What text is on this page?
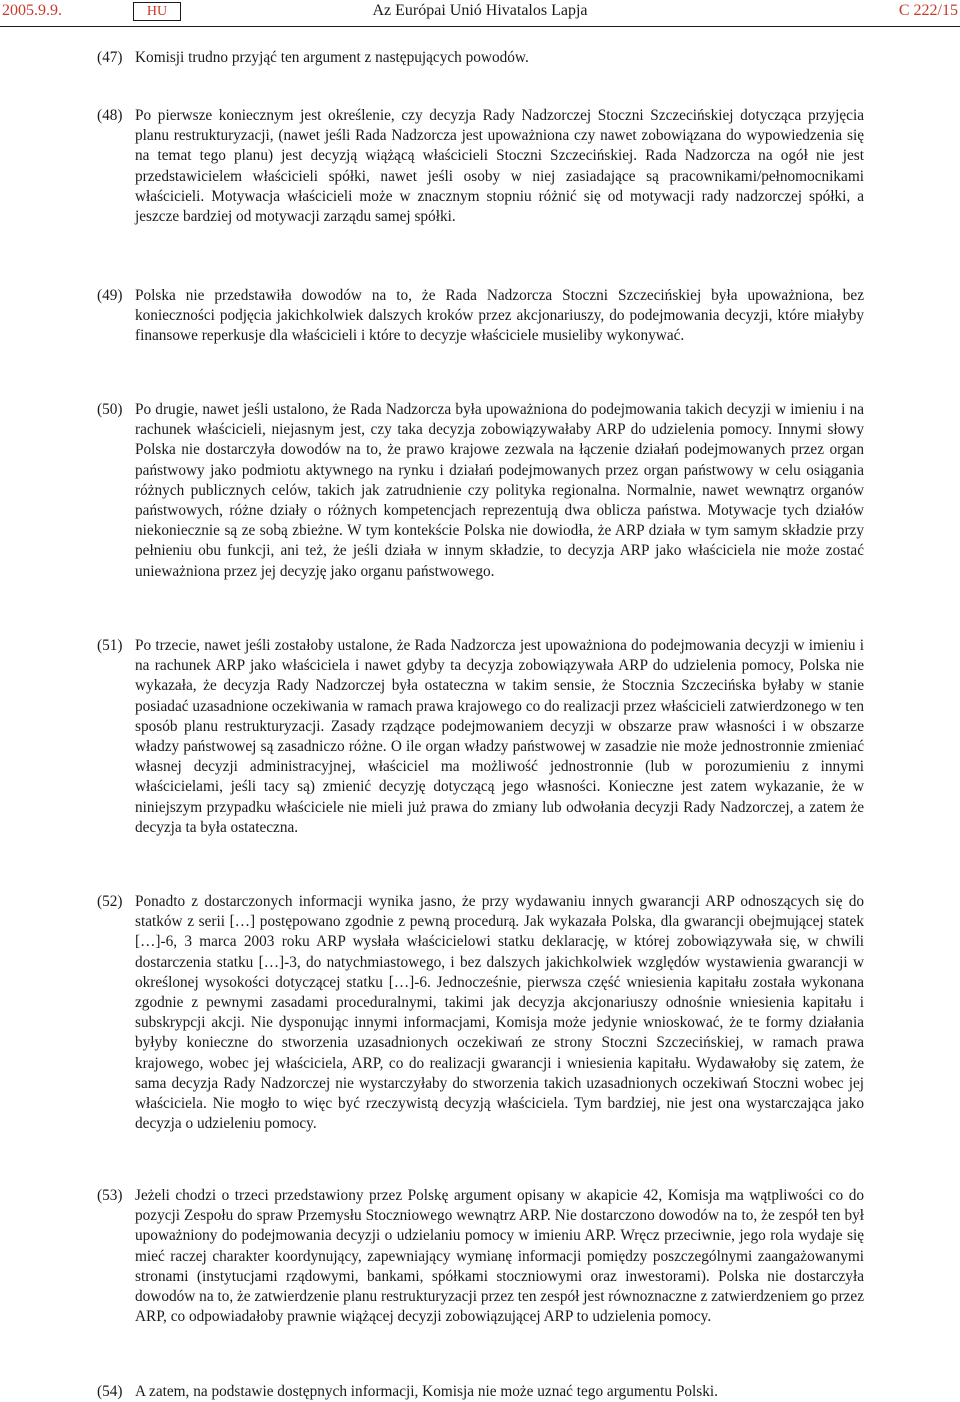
2005.9.9.	HU	Az Európai Unió Hivatalos Lapja	C 222/15
(47) Komisji trudno przyjąć ten argument z następujących powodów.
(48) Po pierwsze koniecznym jest określenie, czy decyzja Rady Nadzorczej Stoczni Szczecińskiej dotycząca przyjęcia planu restrukturyzacji, (nawet jeśli Rada Nadzorcza jest upoważniona czy nawet zobowiązana do wypowiedzenia się na temat tego planu) jest decyzją wiążącą właścicieli Stoczni Szczecińskiej. Rada Nadzorcza na ogół nie jest przedstawicielem właścicieli spółki, nawet jeśli osoby w niej zasiadające są pracownikami/pełnomocnikami właścicieli. Motywacja właścicieli może w znacznym stopniu różnić się od motywacji rady nadzorczej spółki, a jeszcze bardziej od motywacji zarządu samej spółki.
(49) Polska nie przedstawiła dowodów na to, że Rada Nadzorcza Stoczni Szczecińskiej była upoważniona, bez konieczności podjęcia jakichkolwiek dalszych kroków przez akcjonariuszy, do podejmowania decyzji, które miałyby finansowe reperkusje dla właścicieli i które to decyzje właściciele musieliby wykonywać.
(50) Po drugie, nawet jeśli ustalono, że Rada Nadzorcza była upoważniona do podejmowania takich decyzji w imieniu i na rachunek właścicieli, niejasnym jest, czy taka decyzja zobowiązywałaby ARP do udzielenia pomocy. Innymi słowy Polska nie dostarczyła dowodów na to, że prawo krajowe zezwala na łączenie działań podejmowanych przez organ państwowy jako podmiotu aktywnego na rynku i działań podejmowanych przez organ państwowy w celu osiągania różnych publicznych celów, takich jak zatrudnienie czy polityka regionalna. Normalnie, nawet wewnątrz organów państwowych, różne działy o różnych kompetencjach reprezentują dwa oblicza państwa. Motywacje tych działów niekoniecznie są ze sobą zbieżne. W tym kontekście Polska nie dowiodła, że ARP działa w tym samym składzie przy pełnieniu obu funkcji, ani też, że jeśli działa w innym składzie, to decyzja ARP jako właściciela nie może zostać unieważniona przez jej decyzję jako organu państwowego.
(51) Po trzecie, nawet jeśli zostałoby ustalone, że Rada Nadzorcza jest upoważniona do podejmowania decyzji w imieniu i na rachunek ARP jako właściciela i nawet gdyby ta decyzja zobowiązywała ARP do udzielenia pomocy, Polska nie wykazała, że decyzja Rady Nadzorczej była ostateczna w takim sensie, że Stocznia Szczecińska byłaby w stanie posiadać uzasadnione oczekiwania w ramach prawa krajowego co do realizacji przez właścicieli zatwierdzonego w ten sposób planu restrukturyzacji. Zasady rządzące podejmowaniem decyzji w obszarze praw własności i w obszarze władzy państwowej są zasadniczo różne. O ile organ władzy państwowej w zasadzie nie może jednostronnie zmieniać własnej decyzji administracyjnej, właściciel ma możliwość jednostronnie (lub w porozumieniu z innymi właścicielami, jeśli tacy są) zmienić decyzję dotyczącą jego własności. Konieczne jest zatem wykazanie, że w niniejszym przypadku właściciele nie mieli już prawa do zmiany lub odwołania decyzji Rady Nadzorczej, a zatem że decyzja ta była ostateczna.
(52) Ponadto z dostarczonych informacji wynika jasno, że przy wydawaniu innych gwarancji ARP odnoszących się do statków z serii […] postępowano zgodnie z pewną procedurą. Jak wykazała Polska, dla gwarancji obejmującej statek […]-6, 3 marca 2003 roku ARP wysłała właścicielowi statku deklarację, w której zobowiązywała się, w chwili dostarczenia statku […]-3, do natychmiastowego, i bez dalszych jakichkolwiek względów wystawienia gwarancji w określonej wysokości dotyczącej statku […]-6. Jednocześnie, pierwsza część wniesienia kapitału została wykonana zgodnie z pewnymi zasadami proceduralnymi, takimi jak decyzja akcjonariuszy odnośnie wniesienia kapitału i subskrypcji akcji. Nie dysponując innymi informacjami, Komisja może jedynie wnioskować, że te formy działania byłyby konieczne do stworzenia uzasadnionych oczekiwań ze strony Stoczni Szczecińskiej, w ramach prawa krajowego, wobec jej właściciela, ARP, co do realizacji gwarancji i wniesienia kapitału. Wydawałoby się zatem, że sama decyzja Rady Nadzorczej nie wystarczyłaby do stworzenia takich uzasadnionych oczekiwań Stoczni wobec jej właściciela. Nie mogło to więc być rzeczywistą decyzją właściciela. Tym bardziej, nie jest ona wystarczająca jako decyzja o udzieleniu pomocy.
(53) Jeżeli chodzi o trzeci przedstawiony przez Polskę argument opisany w akapicie 42, Komisja ma wątpliwości co do pozycji Zespołu do spraw Przemysłu Stoczniowego wewnątrz ARP. Nie dostarczono dowodów na to, że zespół ten był upoważniony do podejmowania decyzji o udzielaniu pomocy w imieniu ARP. Wręcz przeciwnie, jego rola wydaje się mieć raczej charakter koordynujący, zapewniający wymianę informacji pomiędzy poszczególnymi zaangażowanymi stronami (instytucjami rządowymi, bankami, spółkami stoczniowymi oraz inwestorami). Polska nie dostarczyła dowodów na to, że zatwierdzenie planu restrukturyzacji przez ten zespół jest równoznaczne z zatwierdzeniem go przez ARP, co odpowiadałoby prawnie wiążącej decyzji zobowiązującej ARP to udzielenia pomocy.
(54) A zatem, na podstawie dostępnych informacji, Komisja nie może uznać tego argumentu Polski.
